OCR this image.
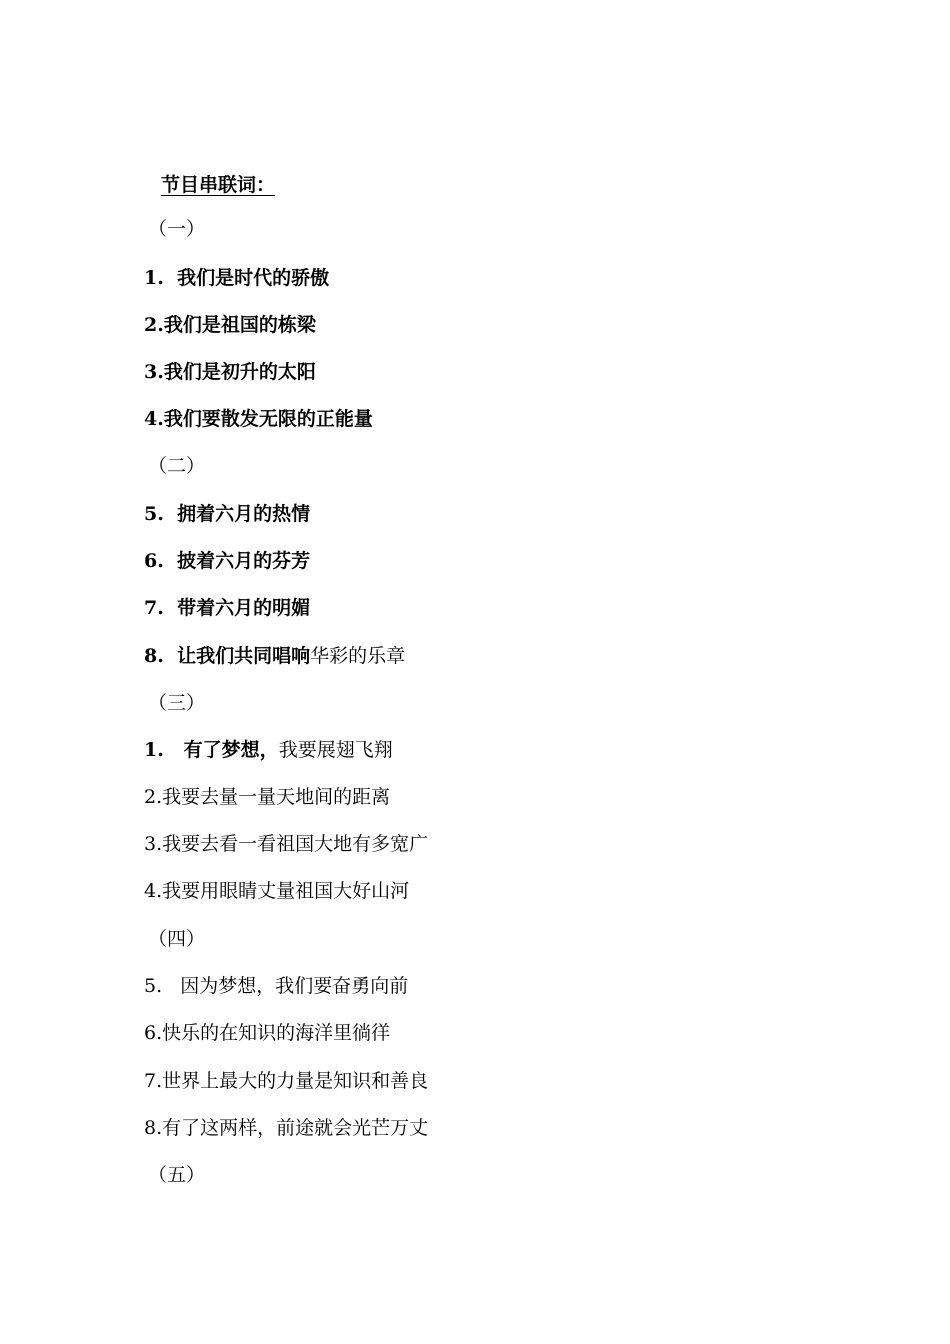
节目串联词：
（一）
1.  我们是时代的骄傲
2.我们是祖国的栋梁
3.我们是初升的太阳
4.我们要散发无限的正能量
（二）
5.  拥着六月的热情
6.  披着六月的芬芳
7.  带着六月的明媚
8.  让我们共同唱响华彩的乐章
（三）
1.   有了梦想，我要展翅飞翔
2.我要去量一量天地间的距离
3.我要去看一看祖国大地有多宽广
4.我要用眼睛丈量祖国大好山河
（四）
5.   因为梦想，我们要奋勇向前
6.快乐的在知识的海洋里徜徉
7.世界上最大的力量是知识和善良
8.有了这两样，前途就会光芒万丈
（五）
